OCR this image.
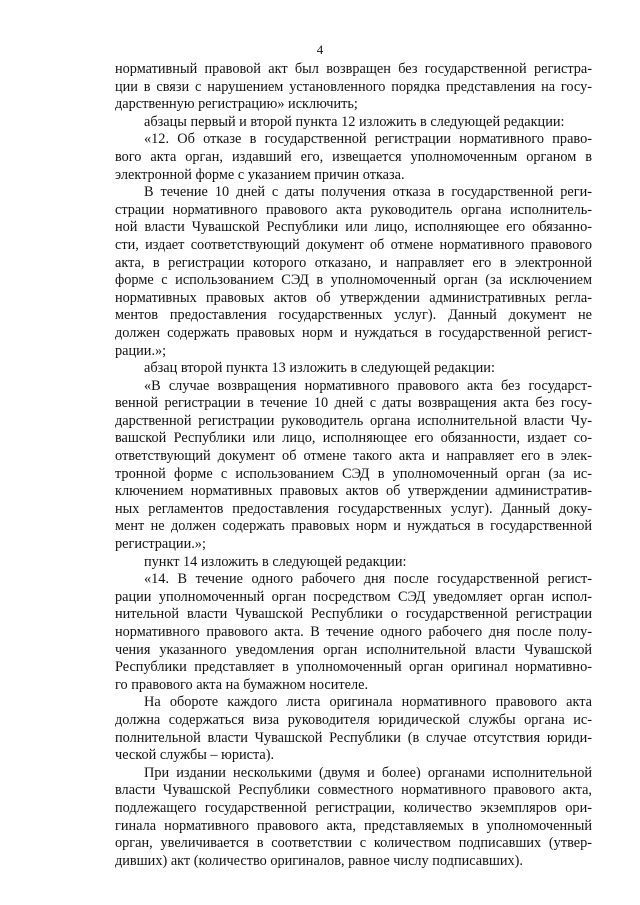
4
нормативный правовой акт был возвращен без государственной регистра-
ции в связи с нарушением установленного порядка представления на госу-
дарственную регистрацию» исключить;
абзацы первый и второй пункта 12 изложить в следующей редакции:
«12. Об отказе в государственной регистрации нормативного право-
вого акта орган, издавший его, извещается уполномоченным органом в
электронной форме с указанием причин отказа.
В течение 10 дней с даты получения отказа в государственной реги-
страции нормативного правового акта руководитель органа исполнитель-
ной власти Чувашской Республики или лицо, исполняющее его обязанно-
сти, издает соответствующий документ об отмене нормативного правового
акта, в регистрации которого отказано, и направляет его в электронной
форме с использованием СЭД в уполномоченный орган (за исключением
нормативных правовых актов об утверждении административных регла-
ментов предоставления государственных услуг). Данный документ не
должен содержать правовых норм и нуждаться в государственной регист-
рации.»;
абзац второй пункта 13 изложить в следующей редакции:
«В случае возвращения нормативного правового акта без государст-
венной регистрации в течение 10 дней с даты возвращения акта без госу-
дарственной регистрации руководитель органа исполнительной власти Чу-
вашской Республики или лицо, исполняющее его обязанности, издает со-
ответствующий документ об отмене такого акта и направляет его в элек-
тронной форме с использованием СЭД в уполномоченный орган (за ис-
ключением нормативных правовых актов об утверждении административ-
ных регламентов предоставления государственных услуг). Данный доку-
мент не должен содержать правовых норм и нуждаться в государственной
регистрации.»;
пункт 14 изложить в следующей редакции:
«14. В течение одного рабочего дня после государственной регист-
рации уполномоченный орган посредством СЭД уведомляет орган испол-
нительной власти Чувашской Республики о государственной регистрации
нормативного правового акта. В течение одного рабочего дня после полу-
чения указанного уведомления орган исполнительной власти Чувашской
Республики представляет в уполномоченный орган оригинал нормативно-
го правового акта на бумажном носителе.
На обороте каждого листа оригинала нормативного правового акта
должна содержаться виза руководителя юридической службы органа ис-
полнительной власти Чувашской Республики (в случае отсутствия юриди-
ческой службы – юриста).
При издании несколькими (двумя и более) органами исполнительной
власти Чувашской Республики совместного нормативного правового акта,
подлежащего государственной регистрации, количество экземпляров ори-
гинала нормативного правового акта, представляемых в уполномоченный
орган, увеличивается в соответствии с количеством подписавших (утвер-
дивших) акт (количество оригиналов, равное числу подписавших).
